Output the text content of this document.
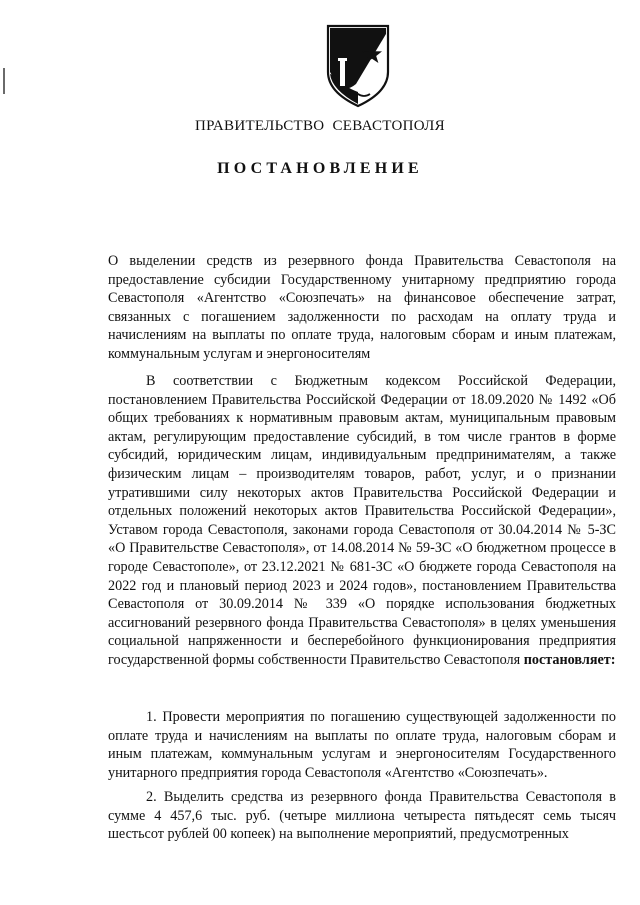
ПРАВИТЕЛЬСТВО СЕВАСТОПОЛЯ
ПОСТАНОВЛЕНИЕ
О выделении средств из резервного фонда Правительства Севастополя на предоставление субсидии Государственному унитарному предприятию города Севастополя «Агентство «Союзпечать» на финансовое обеспечение затрат, связанных с погашением задолженности по расходам на оплату труда и начислениям на выплаты по оплате труда, налоговым сборам и иным платежам, коммунальным услугам и энергоносителям
В соответствии с Бюджетным кодексом Российской Федерации, постановлением Правительства Российской Федерации от 18.09.2020 № 1492 «Об общих требованиях к нормативным правовым актам, муниципальным правовым актам, регулирующим предоставление субсидий, в том числе грантов в форме субсидий, юридическим лицам, индивидуальным предпринимателям, а также физическим лицам – производителям товаров, работ, услуг, и о признании утратившими силу некоторых актов Правительства Российской Федерации и отдельных положений некоторых актов Правительства Российской Федерации», Уставом города Севастополя, законами города Севастополя от 30.04.2014 № 5-ЗС «О Правительстве Севастополя», от 14.08.2014 № 59-ЗС «О бюджетном процессе в городе Севастополе», от 23.12.2021 № 681-ЗС «О бюджете города Севастополя на 2022 год и плановый период 2023 и 2024 годов», постановлением Правительства Севастополя от 30.09.2014 № 339 «О порядке использования бюджетных ассигнований резервного фонда Правительства Севастополя» в целях уменьшения социальной напряженности и бесперебойного функционирования предприятия государственной формы собственности Правительство Севастополя постановляет:
1. Провести мероприятия по погашению существующей задолженности по оплате труда и начислениям на выплаты по оплате труда, налоговым сборам и иным платежам, коммунальным услугам и энергоносителям Государственного унитарного предприятия города Севастополя «Агентство «Союзпечать».
2. Выделить средства из резервного фонда Правительства Севастополя в сумме 4 457,6 тыс. руб. (четыре миллиона четыреста пятьдесят семь тысяч шестьсот рублей 00 копеек) на выполнение мероприятий, предусмотренных
